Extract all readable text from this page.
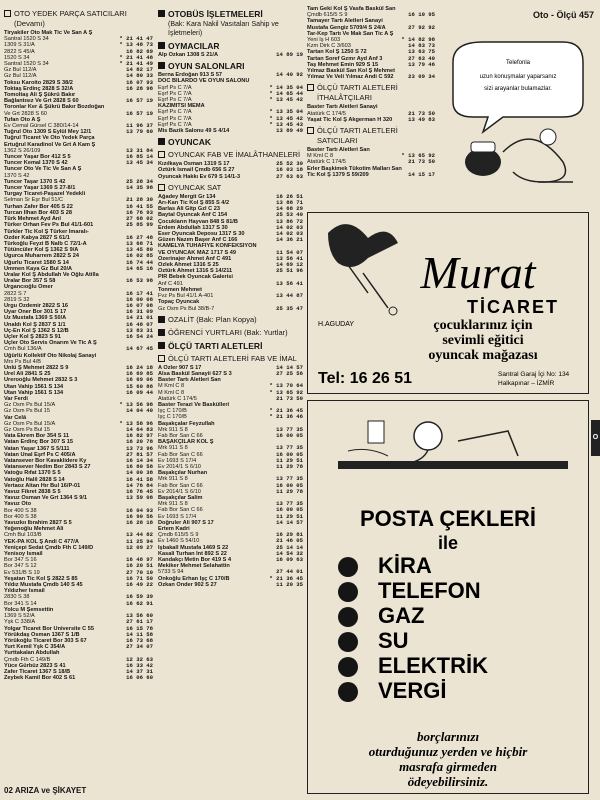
Oto - Ölçü 457
OTO YEDEK PARÇA SATICILARI (Devamı)
Tiryakiler Oto Mak Tic Ve San A Ş
Santral 1520 S 34	* 21 41 47
1309 S 31/A	* 13 48 73
2822 S 45/A	16 82 69
1520 S 34	* 21 41 48
Santral 1520 S 34	* 21 41 49
Gz Bul 112/A	14 82 17
Gz Bul 112/A	14 80 33
Toksu Karoito 2829 S 38/2	16 07 93
Toktaş Erdinç 2828 S 32/A	16 28 98
Tomoltaş Ali Ş Şükrü Bakır
Bağlantısız Ve Grt 2828 S 60	16 57 19
Toronlar Ker & Şükrü Bakır Bozdoğan
Ve Grt 2828 S 60	16 57 19
Tufan Oto A Ş
Ev Cemal Gürsel C 380/14-14	11 96 37
Tuğrul Oto 1309 S Eylül Mey 12/1	13 79 60
Tuğrul Ticaret Ve Oto Yedek Parça
Ertuğrul Karadinol Ve Grt A Kam Ş
1362 S 26/109	13 31 84
Tuncer Yaşar Bor 412 S 5	16 85 14
Tuncer Kemal 1370 S 42	13 45 34
Tuncer Oto Ve Tic Ve San A Ş
1370 S 42
Tuncer Taşar 1370 S 42	25 28 34
Tuncer Yaşar 1369 S 27-8/1	14 35 98
Turgay Ticaret-Paşazel Yedekli
Selman Sr Eşr Bul 51/C	21 28 30
Turhan Zafer Bor 405 S 22	16 41 55
Turcan İlhan Bor 403 S 28	16 76 93
Türk Mehmet Ayd Anl	27 68 02
Türker Orhan Fev Ps Bul 41/1-601	25 85 99
Türkler Tic Kol Ş Türker İmaralı-
Özder Kabya 2827 S 61/1	16 27 48
Türkoğlu Feyzi B Nalb C 72/1-A	13 68 71
Tütüncüler Kol Ş 1362 S 9/A	13 45 80
Ugurca Muharrem 2822 S 24	16 02 85
Uğurlu Ticaret 1580 S 14	16 74 44
Ümmen Kaya Gz Bul 20/A	14 65 16
Uralar Kol Ş Abdullah Ve Oğlu Atilla
Uralar Bor 357 S 58	16 53 98
Urgancıoğlu Ömer
2822 S 7	16 17 41
2819 S 32	16 00 08
Urgu Özdemir 2822 S 16	16 07 08
Uyar Öner Bor 301 S 17	16 31 09
Uz Mustafa 1369 S 50/A	14 21 01
Ünaldı Kol Ş 2837 S 1/1	16 48 07
Üç-En Kol Ş 1362 S 12/B	13 83 31
Üçler Kol Ş 2823 S 91	16 54 24
Üçler Oto Servis Onarım Ve Tic A Ş
Cmh Bul 136/A	14 67 45
Üğürlü Kollektif Oto Nikolaj Sanayi
Mrs Ps Bul 4/B
Ünlü Ş Mehmet 2822 S 9	16 24 18
Ürel Ali 2841 S 25	16 69 85
Ürerooğlu Mehmet 2832 S 3	16 69 06
Ütan Vahip 1561 S 134	15 60 88
Ütan Vahip 1561 S 134	16 09 44
Var Ferdi
Gz Osm Ps Bul 15/A	* 13 56 98
Gz Osm Ps Bul 15	14 04 40
Var Celâ
Gz Osm Ps Bul 15/A	* 13 58 96
Gz Osm Ps Bul 15	14 64 83
Vata Ekrem Bor 354 S 11	16 82 97
Vatan Erdinç Bor 307 S 15	16 20 78
Vatan Yaşar 1367 S 5/111	13 73 96
Vatan Ünal Eşrf Ps C 405/A	27 81 57
Vatansever Bor Kavaklidere Ky	16 14 34
Vatansever Nedim Bor 2843 S 27	16 80 58
Vatoğu Rıfat 1370 S 5	14 00 38
Vatoğlu Halil 2828 S 14	16 41 58
Vertaoz Altan Hır Bul 16/P-01	14 76 84
Yavuz Fikret 2838 S 5	16 76 45
Yavuz Osman Ve Grt 1364 S 9/1	13 59 08
Yavuz Oto
Bor 400 S 38	16 04 93
Bor 400 S 38	16 90 56
Yavuzkıı İbrahim 2827 S 5	16 28 18
Yeğenoğlu Mehmet Ali
Cmh Bul 103/B	13 44 82
YEK-PA KOL Ş Andi C 477/A	11 25 94
Yeniçepi Sedat Çmdb Fth C 149/D	12 09 27
Yenisoy İsmail
Bor 347 S 16	16 48 97
Bor 347 S 12	16 20 51
Ev 531/B S 19	27 70 10
Yeşatan Tic Kol Ş 2822 S 85	16 71 50
Yıldız Mustafa Çmdb 140 S 45	16 49 22
Yıldızher İsmail
2830 S 38	16 59 39
Bor 341 S 14	16 62 91
Yolcu M Şemsettin
1369 S 52/A	13 56 60
Yşk C 338/A	27 61 17
Yolgar Ticaret Bor Üniversite C 55	16 15 78
Yörükdaş Osman 1367 S 1/B	14 11 58
Yörükoğlu Ticaret Bor 303 S 67	16 73 68
Yurt Kemil Yşk C 354/A	27 34 07
Yurttakalan Abdullah
Çmdb Fth C 149/B	12 32 63
Yüce Gürbüz 2823 S 41	16 33 42
Zafer Ticaret 1367 S 18/B	14 37 31
Zeybek Kamil Bor 402 S 61	16 06 60
OTOBÜS İŞLETMELERİ
(Bak: Kara Nakil Vasıtaları Sahip ve İşletmeleri)
OYMACILAR
Alp Özkan 1308 S 21/A	14 89 19
OYUN SALONLARI
Berna Erdoğan 913 S 57	14 40 92
DOC BİLARDO VE OYUN SALONU
Eşrf Ps C 7/A	* 14 35 04
Eşrf Ps C 7/A	* 14 65 44
Eşrf Ps C 7/A	* 13 45 42
KAZIMİTSİ MEMA
Eşrf Ps C 7/A	* 13 35 04
Eşrf Ps C 7/A	* 13 45 42
Eşrf Ps C 7/A	* 13 45 43
Mis Bazik Salonu 49 S 4/14	13 89 49
OYUNCAK
OYUNCAK FAB VE İMALÂTHANELERİ
Kızılkaya Osman 1319 S 17	25 52 30
Öztürk İsmail Çmdb 656 S 27	16 03 18
Oyuncak Hakkı Ev 679 S 14/1-3	27 63 63
OYUNCAK SAT
Ağadey Mergit Gr 134	16 26 51
Arı-Kan Tic Kol Ş 855 S 4/2	13 88 71
Barlas Ali Gitp Gzl C 23	14 68 29
Baytal Oyuncak Anf C 154	25 53 40
Çocukların Hayvan 848 S 81/B	13 86 72
Erdem Abdullah 1317 S 30	14 02 03
Eser Oyuncak Deposu 1317 S 30	14 02 03
Güzen Nazım Başer Anf C 166	14 36 21
KAMELYA TUHAFİYE KONFEKSİYON
VE OYUNCAK MAZ 1717 S 49	11 54 07
Özerinajer Ahmet Anf C 491	13 56 41
Özlek Ahmet 1316 S 25	14 69 12
Öztürk Ahmet 1316 S 14/211	25 51 96
PİR Bebek Oyuncak Galerisi
Anf C 491	13 56 41
Tonmen Mehmet
Fvz Ps Bul 41/1 A-401	13 44 87
Topaç Oyuncak
Gz Osm Ps Bul 38/B-7	25 35 47
OZALİT (Bak: Plan Kopya)
ÖĞRENCİ YURTLARI (Bak: Yurtlar)
ÖLÇÜ TARTI ALETLERİ
ÖLÇÜ TARTI ALETLERİ FAB VE İMAL
A Özler 907 S 17	14 14 57
Alsa Baskül Sanayii 627 S 3	27 25 56
Baster Tartı Aletleri San
M Kml C 8	* 13 70 64
M Kml C 8	* 13 65 92
Atatürk C 174/5	21 73 50
Baster Terazi Ve Baskülleri
Işç C 170/B	* 21 36 45
Işç C 170/B	* 21 36 46
Başakçalar Feyzullah
Mrk 911 S 8	13 77 35
Fab Bor San C 66	16 00 05
BAŞAKÇILAR KOL Ş
Mrk 911 S 8	13 77 35
Fab Bor San C 66	16 00 05
Ev 1693 S 17/4	11 29 51
Ev 2014/1 S 6/10	11 29 78
Başakçılar Nurhan
Mrk 911 S 8	13 77 35
Fab Bor San C 66	16 00 05
Ev 2014/1 S 6/10	11 29 78
Başakçılar Salim
Mrk 911 S 8	13 77 35
Fab Bor San C 66	16 00 05
Ev 1693 S 17/4	11 29 51
Doğruler Ali 907 S 17	14 14 57
Ertem Kadri
Çmdb 615/5 S 9	16 29 81
Ev 1460 S 54/10	21 46 05
İşbakall Mustafa 1469 S 22	25 14 14
Kasali Turhan Int 892 S 22	14 54 32
Kandakçı Metin Bor 419 S 4	16 09 63
Mekiker Mehmet Selahattin
5733 S 94	27 44 01
Onkoğlu Erhan Işç C 170/B	* 21 36 45
Özkan Önder 902 S 27	11 20 35
Tam Geki Kol Ş Vasfa Baskül San
Çmdb 615/5 S 9	16 10 95
Tamayer Tartı Aletleri Sanayi
Mustafa Gengiz 5709/4 S 24/A	27 92 92
Tar-Kep Tartı Ve Mak San Tic A Ş
Yeni İş H 603	* 14 82 98
Kzm Dirk C 3/603	14 83 73
Tartan Kol Ş 1250 S 72	13 63 75
Tartan Soref Gzmr Ayd Anf 3	27 63 40
Taş Mehmet Emin 929 S 15	13 79 46
Yılmaz Baskül San Kol Ş Mehmet
Yılmaz Ve Veli Yılmaz Andi C 592	23 09 34
ÖLÇÜ TARTI ALETLERİ İTHALÂTÇILARI
Baster Tartı Aletleri Sanayi
Atatürk C 174/5	21 73 50
Yaşat Tic Kol Ş Akgerman H 320	13 49 83
ÖLÇÜ TARTI ALETLERİ SATICILARI
Baster Tartı Aletleri San
M Kml C 8	* 13 65 92
Atatürk C 174/5	21 73 50
Erler Başkimek Tükotim Malları San
Tic Kol Ş 1379 S 59/209	14 15 17
Telefonla
uzun konuşmalar yaparsanız
sizi arayanlar bulamazlar.
Murat
TİCARET
H.AGUDAY	çocuklarınız için
sevimli eğitici
oyuncak mağazası
Tel: 16 26 51	Santral Garaj İçi No: 134
Halkapınar – İZMİR
POSTA ÇEKLERİ
ile
KİRA
TELEFON
GAZ
SU
ELEKTRİK
VERGİ
borçlarınızı
oturduğunuz yerden ve hiçbir
masrafa girmeden
ödeyebilirsiniz.
O
02 ARIZA ve ŞİKAYET
